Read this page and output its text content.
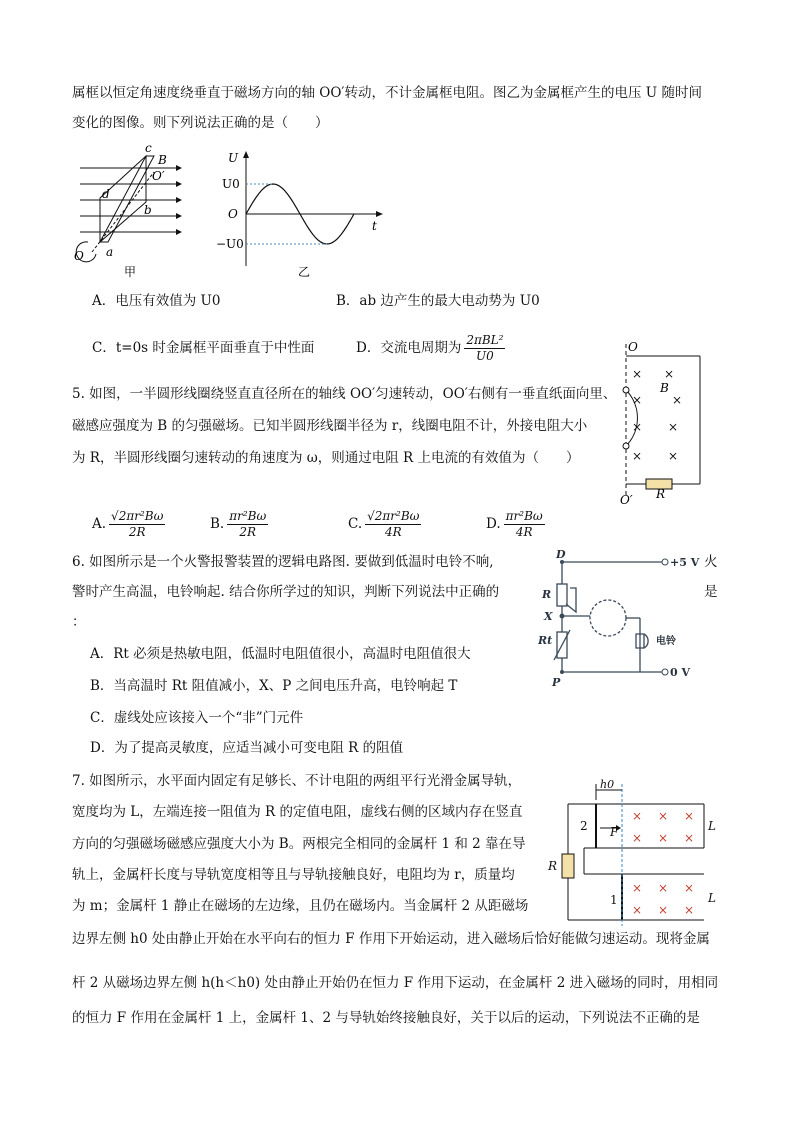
属框以恒定角速度绕垂直于磁场方向的轴 OO′转动，不计金属框电阻。图乙为金属框产生的电压 U 随时间
变化的图像。则下列说法正确的是（　　）
c
B
O′
d
b
O a
甲
U
U0
O
t
−U0
乙
A．电压有效值为 U0	B．ab 边产生的最大电动势为 U0
C．t=0s 时金属框平面垂直于中性面	D．交流电周期为 $\frac{\text{2πBL²}}{U0}$
5. 如图，一半圆形线圈绕竖直直径所在的轴线 OO′匀速转动，OO′右侧有一垂直纸面向里、
磁感应强度为 B 的匀强磁场。已知半圆形线圈半径为 r，线圈电阻不计，外接电阻大小
为 R，半圆形线圈匀速转动的角速度为 ω，则通过电阻 R 上电流的有效值为（　　）
× ×
× ×
× ×
× ×
O
B
R
O′
A. $\frac{\text{√2πr²Bω}}{2R}$	B. $\frac{\text{πr²Bω}}{2R}$	C. $\frac{\text{√2πr²Bω}}{4R}$	D. $\frac{\text{πr²Bω}}{4R}$
6. 如图所示是一个火警报警装置的逻辑电路图. 要做到低温时电铃不响,	火
警时产生高温，电铃响起. 结合你所学过的知识，判断下列说法中正确的	是
：
A．Rt 必须是热敏电阻，低温时电阻值很小，高温时电阻值很大
B．当高温时 Rt 阻值减小，X、P 之间电压升高，电铃响起 T
C．虚线处应该接入一个“非”门元件
D．为了提高灵敏度，应适当减小可变电阻 R 的阻值
D
+5 V
R
X
Rt	电铃
0 V
P
7. 如图所示，水平面内固定有足够长、不计电阻的两组平行光滑金属导轨，
宽度均为 L，左端连接一阻值为 R 的定值电阻，虚线右侧的区域内存在竖直
方向的匀强磁场磁感应强度大小为 B。两根完全相同的金属杆 1 和 2 靠在导
轨上，金属杆长度与导轨宽度相等且与导轨接触良好，电阻均为 r，质量均
为 m；金属杆 1 静止在磁场的左边缘，且仍在磁场内。当金属杆 2 从距磁场
边界左侧 h0 处由静止开始在水平向右的恒力 F 作用下开始运动，进入磁场后恰好能做匀速运动。现将金属
杆 2 从磁场边界左侧 h(h＜h0) 处由静止开始仍在恒力 F 作用下运动，在金属杆 2 进入磁场的同时，用相同
的恒力 F 作用在金属杆 1 上，金属杆 1、2 与导轨始终接触良好，关于以后的运动，下列说法不正确的是
× × ×
× × ×
× × ×
× × ×
h0
2 F	L
R
1	L
